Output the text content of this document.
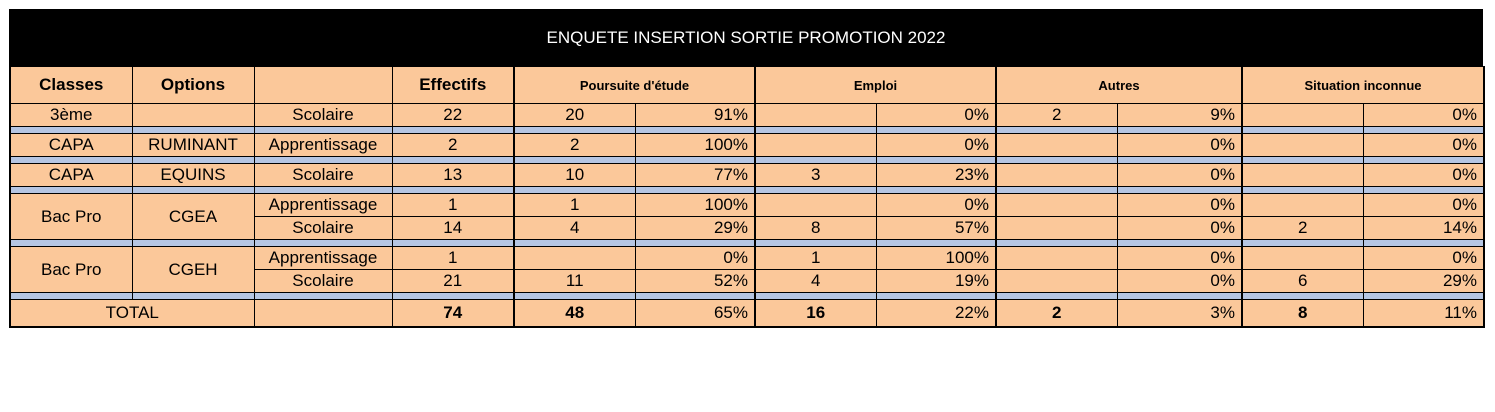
ENQUETE INSERTION SORTIE PROMOTION 2022
Classes	Options		Effectifs	Poursuite d'étude		Emploi		Autres		Situation inconnue	
3ème		Scolaire	22	20	91%		0%	2	9%		0%

CAPA	RUMINANT	Apprentissage	2	2	100%		0%		0%		0%

CAPA	EQUINS	Scolaire	13	10	77%	3	23%		0%		0%

Bac Pro	CGEA	Apprentissage	1	1	100%		0%		0%		0%
		Scolaire	14	4	29%	8	57%		0%	2	14%

Bac Pro	CGEH	Apprentissage	1		0%	1	100%		0%		0%
		Scolaire	21	11	52%	4	19%		0%	6	29%

TOTAL			74	48	65%	16	22%	2	3%	8	11%
